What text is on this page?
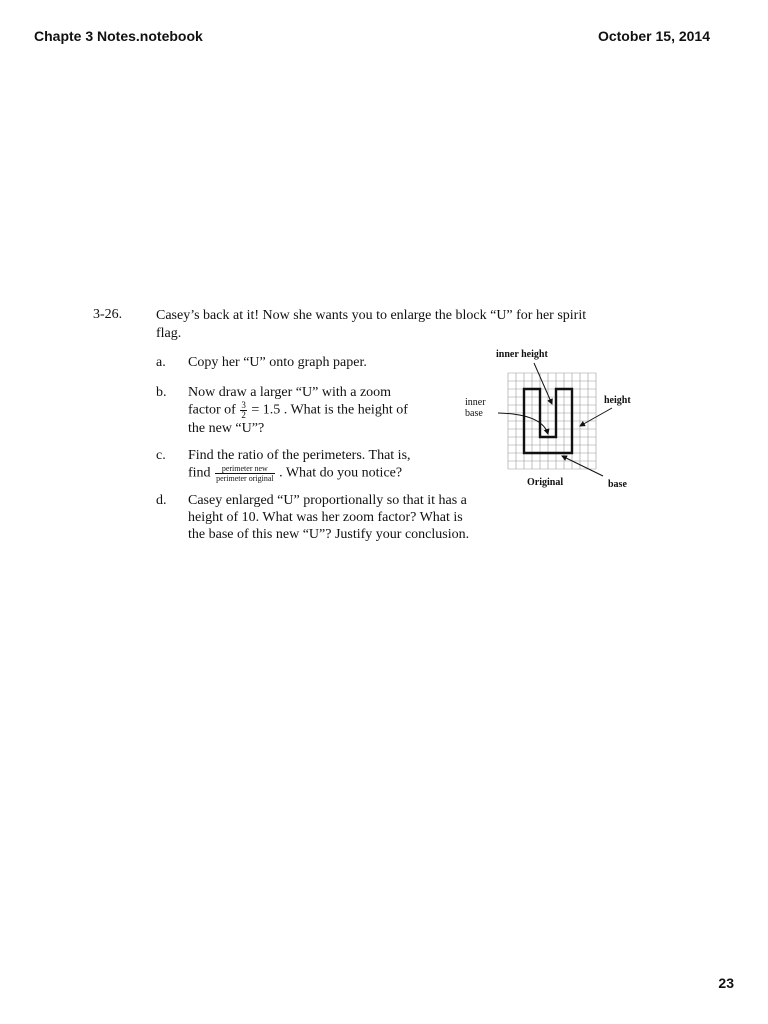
Chapte 3 Notes.notebook	October 15, 2014
3-26. Casey’s back at it! Now she wants you to enlarge the block “U” for her spirit
flag.
a. Copy her “U” onto graph paper.
b. Now draw a larger “U” with a zoom
factor of $\frac{3}{2} = 1.5$ . What is the height of
the new “U”?
c. Find the ratio of the perimeters. That is,
find $\frac{\text{perimeter new}}{\text{perimeter original}}$ . What do you notice?
d. Casey enlarged “U” proportionally so that it has a
height of 10. What was her zoom factor? What is
the base of this new “U”? Justify your conclusion.
inner height
inner
base
height
Original	base
23
